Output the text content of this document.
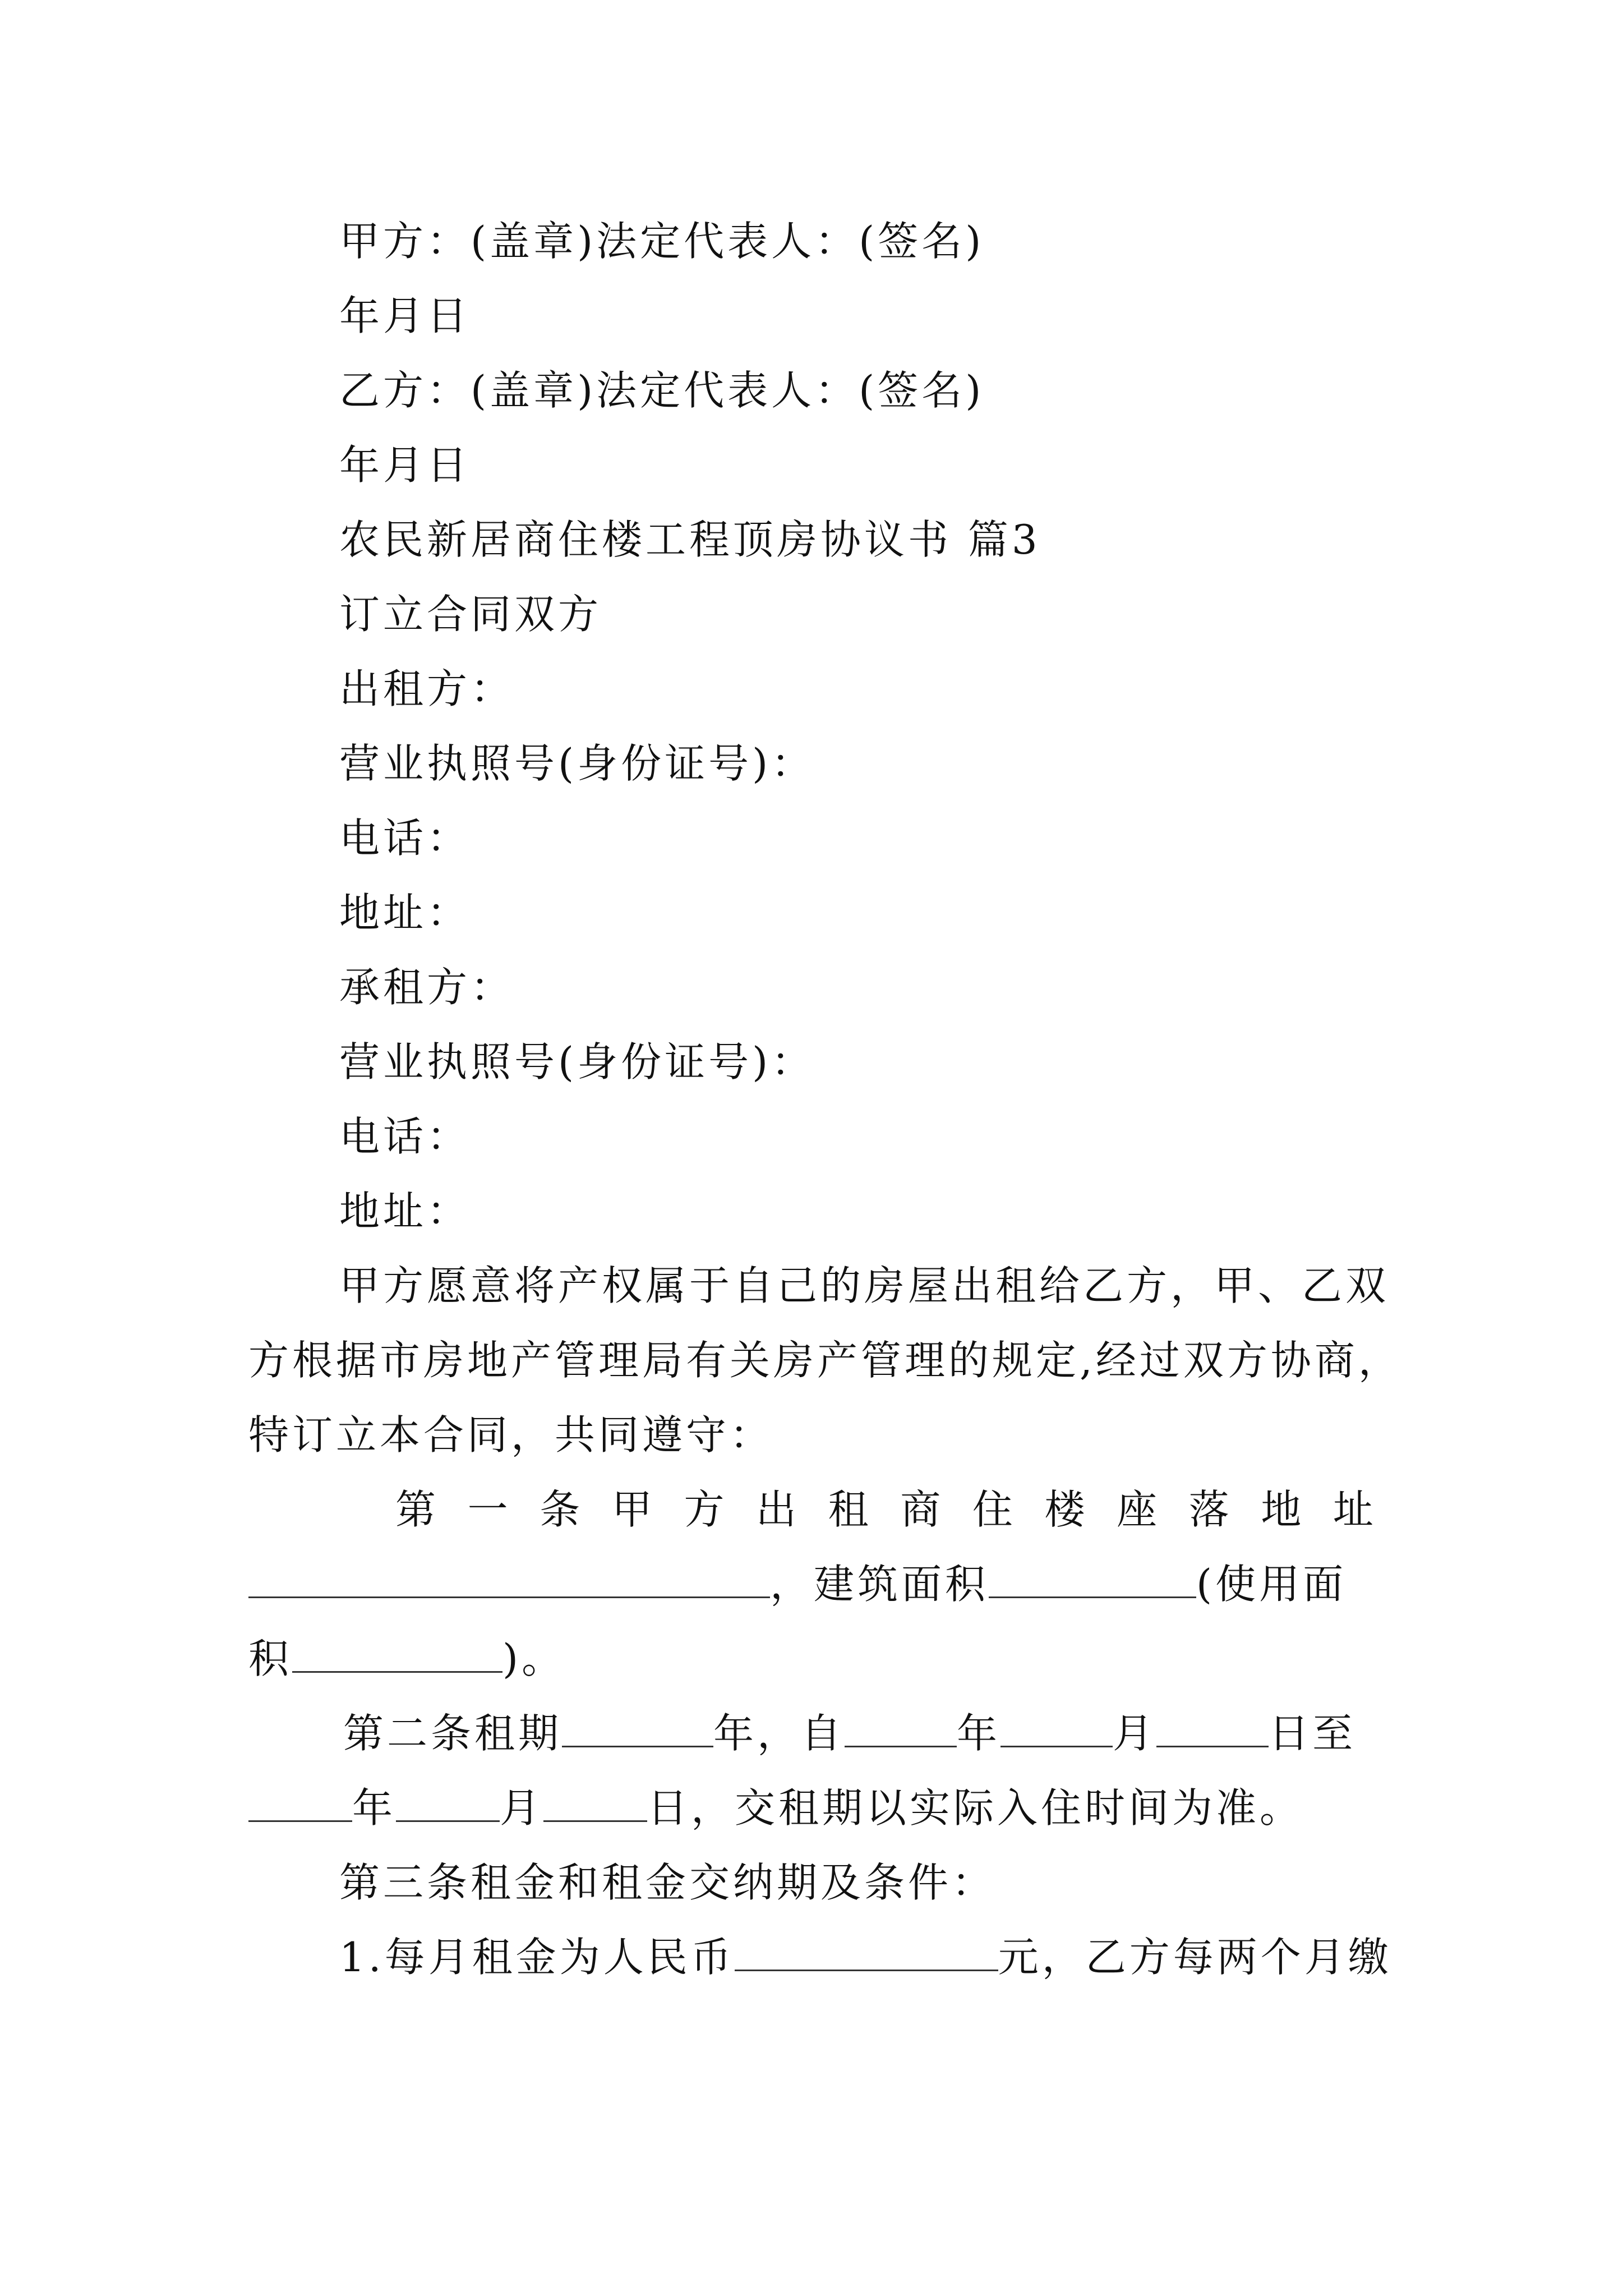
甲方：(盖章)法定代表人：(签名)
年月日
乙方：(盖章)法定代表人：(签名)
年月日
农民新居商住楼工程顶房协议书 篇3
订立合同双方
出租方：
营业执照号(身份证号)：
电话：
地址：
承租方：
营业执照号(身份证号)：
电话：
地址：
甲方愿意将产权属于自己的房屋出租给乙方，甲、乙双
方根据市房地产管理局有关房产管理的规定,经过双方协商，
特订立本合同，共同遵守：
第 一 条 甲 方 出 租 商 住 楼 座 落 地 址
，建筑面积	(使用面
积	)。
第二条租期	年，自	年	月	日至
年	月	日，交租期以实际入住时间为准。
第三条租金和租金交纳期及条件：
1.每月租金为人民币	元，乙方每两个月缴
